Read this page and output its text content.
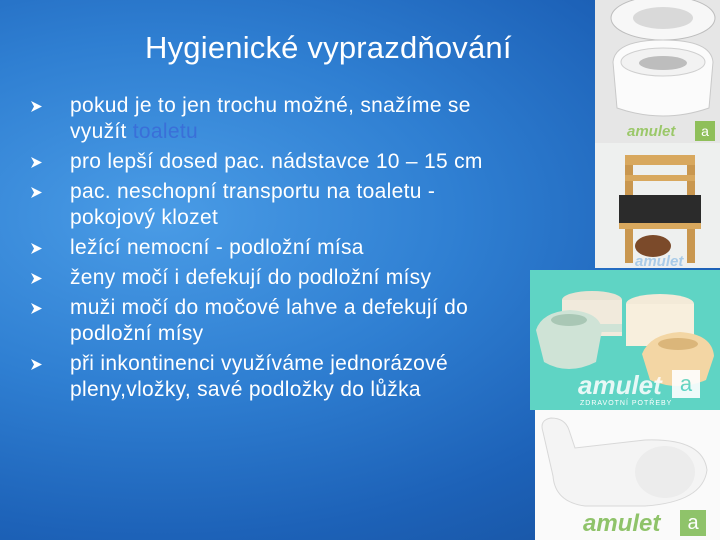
Hygienické vyprazdňování
pokud je to jen trochu možné, snažíme se využít toaletu
pro lepší dosed pac. nádstavce 10 – 15 cm
pac. neschopní transportu na toaletu - pokojový klozet
ležící nemocní - podložní mísa
ženy močí i defekují do podložní mísy
muži močí do močové lahve a defekují do podložní mísy
při inkontinenci využíváme jednorázové pleny,vložky, savé podložky do lůžka
amulet	a
amulet
amulet a
ZDRAVOTNÍ POTŘEBY
amulet	a
